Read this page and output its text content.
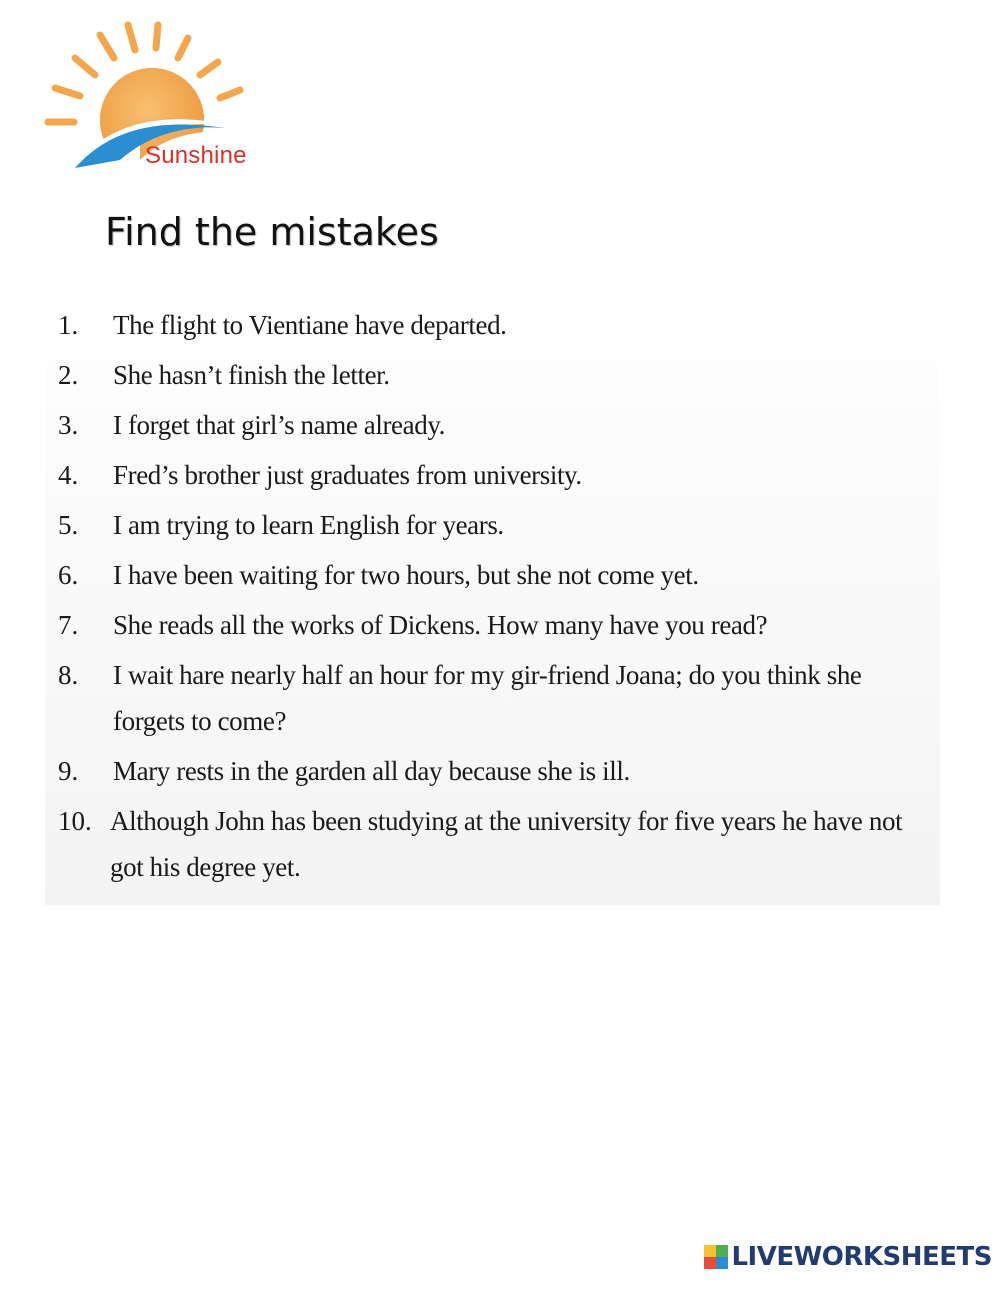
Sunshine
Find the mistakes
1.	The flight to Vientiane have departed.
2.	She hasn’t finish the letter.
3.	I forget that girl’s name already.
4.	Fred’s brother just graduates from university.
5.	I am trying to learn English for years.
6.	I have been waiting for two hours, but she not come yet.
7.	She reads all the works of Dickens. How many have you read?
8.	I wait hare nearly half an hour for my gir-friend Joana; do you think she forgets to come?
9.	Mary rests in the garden all day because she is ill.
10. Although John has been studying at the university for five years he have not got his degree yet.
LIVEWORKSHEETS
